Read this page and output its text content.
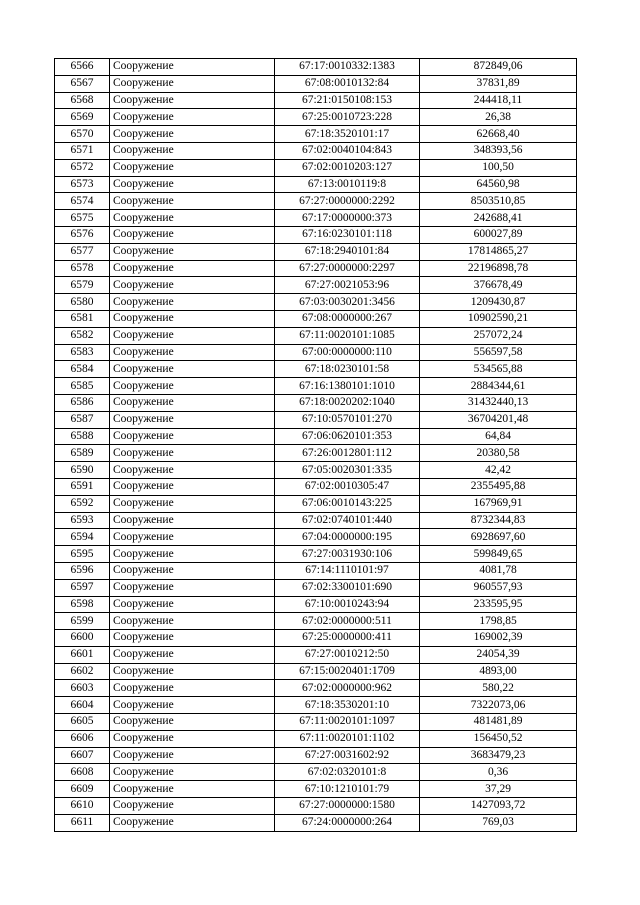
6566	Сооружение	67:17:0010332:1383	872849,06
6567	Сооружение	67:08:0010132:84	37831,89
6568	Сооружение	67:21:0150108:153	244418,11
6569	Сооружение	67:25:0010723:228	26,38
6570	Сооружение	67:18:3520101:17	62668,40
6571	Сооружение	67:02:0040104:843	348393,56
6572	Сооружение	67:02:0010203:127	100,50
6573	Сооружение	67:13:0010119:8	64560,98
6574	Сооружение	67:27:0000000:2292	8503510,85
6575	Сооружение	67:17:0000000:373	242688,41
6576	Сооружение	67:16:0230101:118	600027,89
6577	Сооружение	67:18:2940101:84	17814865,27
6578	Сооружение	67:27:0000000:2297	22196898,78
6579	Сооружение	67:27:0021053:96	376678,49
6580	Сооружение	67:03:0030201:3456	1209430,87
6581	Сооружение	67:08:0000000:267	10902590,21
6582	Сооружение	67:11:0020101:1085	257072,24
6583	Сооружение	67:00:0000000:110	556597,58
6584	Сооружение	67:18:0230101:58	534565,88
6585	Сооружение	67:16:1380101:1010	2884344,61
6586	Сооружение	67:18:0020202:1040	31432440,13
6587	Сооружение	67:10:0570101:270	36704201,48
6588	Сооружение	67:06:0620101:353	64,84
6589	Сооружение	67:26:0012801:112	20380,58
6590	Сооружение	67:05:0020301:335	42,42
6591	Сооружение	67:02:0010305:47	2355495,88
6592	Сооружение	67:06:0010143:225	167969,91
6593	Сооружение	67:02:0740101:440	8732344,83
6594	Сооружение	67:04:0000000:195	6928697,60
6595	Сооружение	67:27:0031930:106	599849,65
6596	Сооружение	67:14:1110101:97	4081,78
6597	Сооружение	67:02:3300101:690	960557,93
6598	Сооружение	67:10:0010243:94	233595,95
6599	Сооружение	67:02:0000000:511	1798,85
6600	Сооружение	67:25:0000000:411	169002,39
6601	Сооружение	67:27:0010212:50	24054,39
6602	Сооружение	67:15:0020401:1709	4893,00
6603	Сооружение	67:02:0000000:962	580,22
6604	Сооружение	67:18:3530201:10	7322073,06
6605	Сооружение	67:11:0020101:1097	481481,89
6606	Сооружение	67:11:0020101:1102	156450,52
6607	Сооружение	67:27:0031602:92	3683479,23
6608	Сооружение	67:02:0320101:8	0,36
6609	Сооружение	67:10:1210101:79	37,29
6610	Сооружение	67:27:0000000:1580	1427093,72
6611	Сооружение	67:24:0000000:264	769,03
